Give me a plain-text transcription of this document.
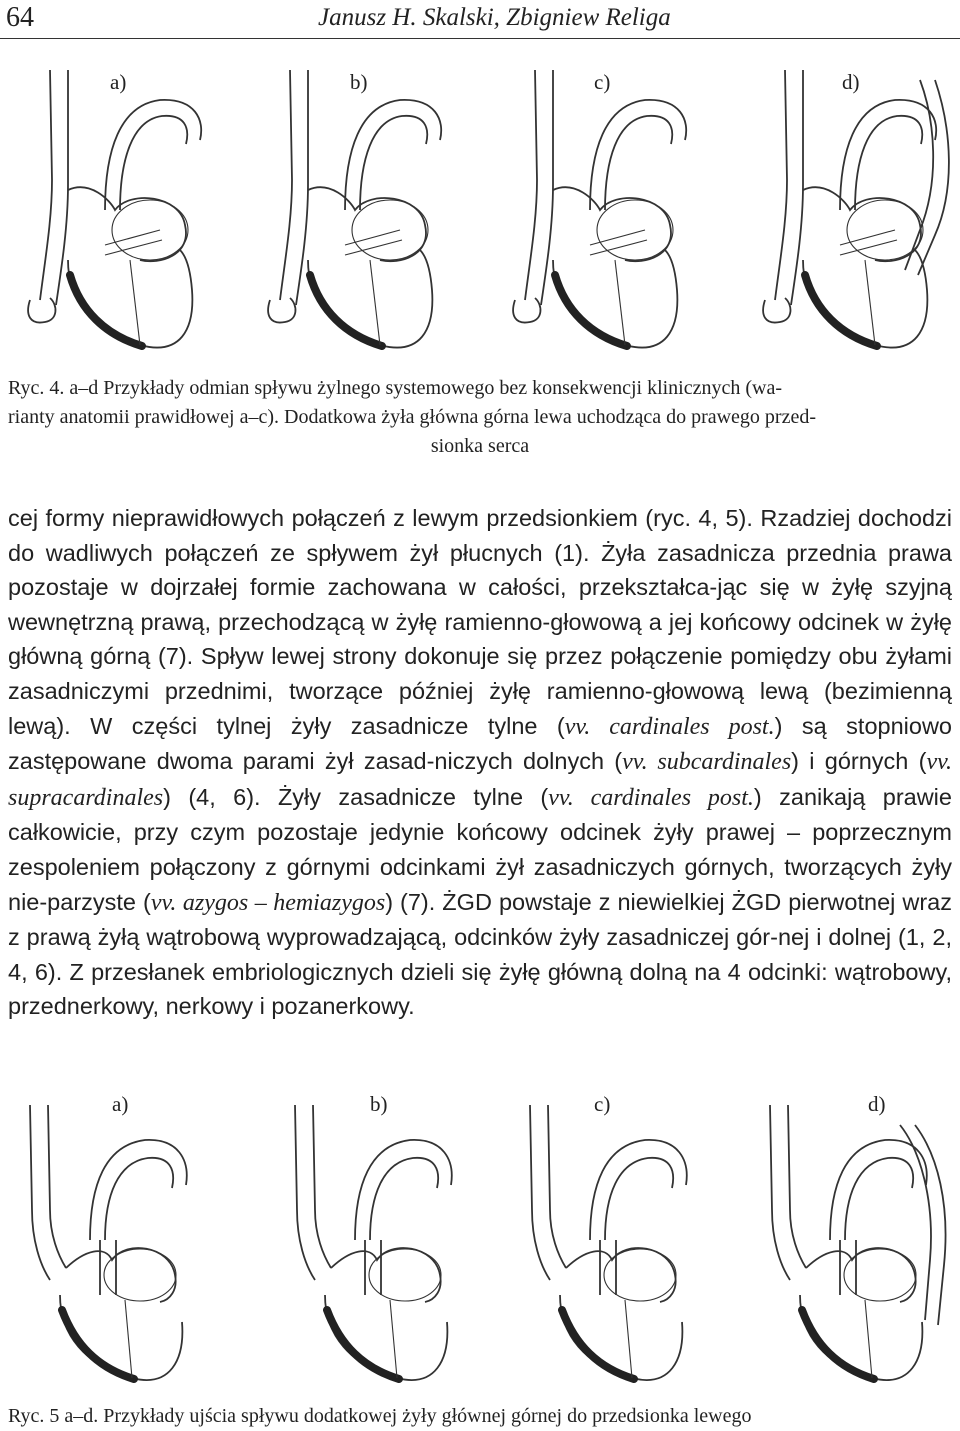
64	Janusz H. Skalski, Zbigniew Religa
a)	b)	c)	d)
Ryc. 4. a–d Przykłady odmian spływu żylnego systemowego bez konsekwencji klinicznych (wa-
rianty anatomii prawidłowej a–c). Dodatkowa żyła główna górna lewa uchodząca do prawego przed-
sionka serca
cej formy nieprawidłowych połączeń z lewym przedsionkiem (ryc. 4, 5). Rzadziej dochodzi do wadliwych połączeń ze spływem żył płucnych (1). Żyła zasadnicza przednia prawa pozostaje w dojrzałej formie zachowana w całości, przekształca-jąc się w żyłę szyjną wewnętrzną prawą, przechodzącą w żyłę ramienno-głowową a jej końcowy odcinek w żyłę główną górną (7). Spływ lewej strony dokonuje się przez połączenie pomiędzy obu żyłami zasadniczymi przednimi, tworzące później żyłę ramienno-głowową lewą (bezimienną lewą). W części tylnej żyły zasadnicze tylne (vv. cardinales post.) są stopniowo zastępowane dwoma parami żył zasad-niczych dolnych (vv. subcardinales) i górnych (vv. supracardinales) (4, 6). Żyły zasadnicze tylne (vv. cardinales post.) zanikają prawie całkowicie, przy czym pozostaje jedynie końcowy odcinek żyły prawej – poprzecznym zespoleniem połączony z górnymi odcinkami żył zasadniczych górnych, tworzących żyły nie-parzyste (vv. azygos – hemiazygos) (7). ŻGD powstaje z niewielkiej ŻGD pierwotnej wraz z prawą żyłą wątrobową wyprowadzającą, odcinków żyły zasadniczej gór-nej i dolnej (1, 2, 4, 6). Z przesłanek embriologicznych dzieli się żyłę główną dolną na 4 odcinki: wątrobowy, przednerkowy, nerkowy i pozanerkowy.
a)	b)	c)	d)
Ryc. 5 a–d. Przykłady ujścia spływu dodatkowej żyły głównej górnej do przedsionka lewego
